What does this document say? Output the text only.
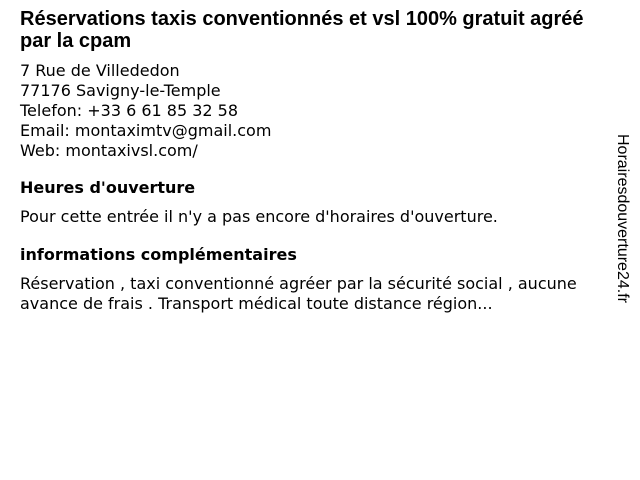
Réservations taxis conventionnés et vsl 100% gratuit agréé par la cpam
7 Rue de Villededon
77176 Savigny-le-Temple
Telefon: +33 6 61 85 32 58
Email: montaximtv@gmail.com
Web: montaxivsl.com/
Heures d'ouverture
Pour cette entrée il n'y a pas encore d'horaires d'ouverture.
informations complémentaires
Réservation , taxi conventionné agréer par la sécurité social , aucune avance de frais . Transport médical toute distance région...
Horairesdouverture24.fr
